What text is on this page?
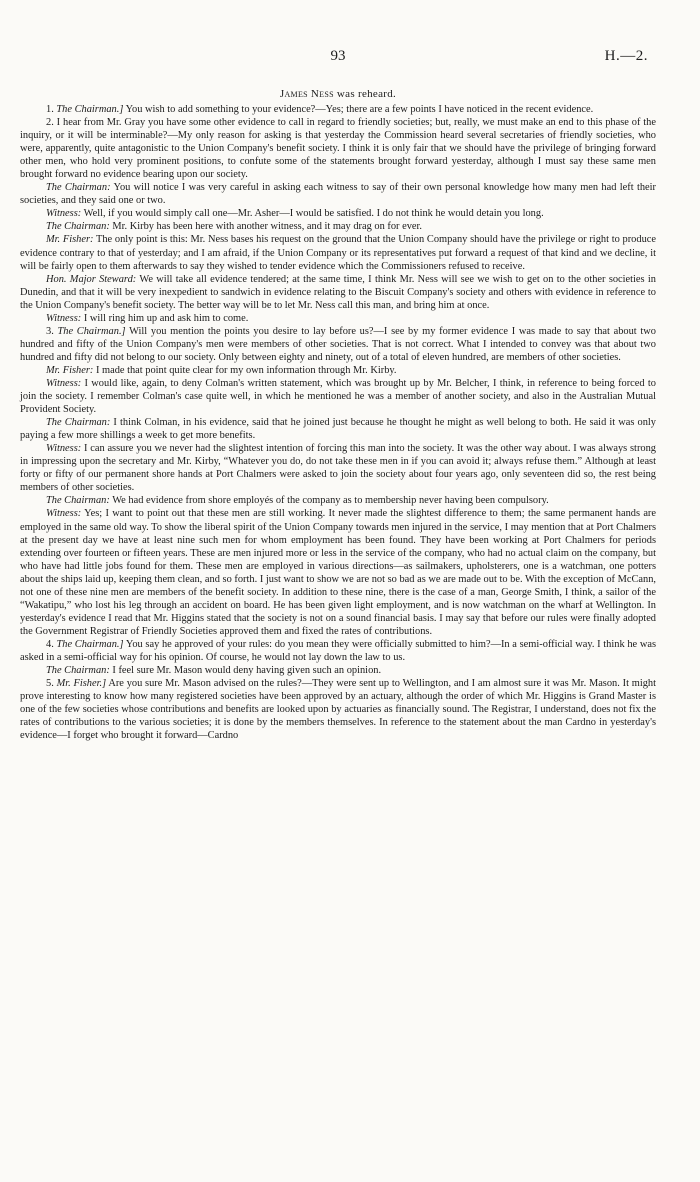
93	H.—2.
James Ness was reheard.

1. The Chairman.] You wish to add something to your evidence?—Yes; there are a few points I have noticed in the recent evidence.

2. I hear from Mr. Gray you have some other evidence to call in regard to friendly societies; but, really, we must make an end to this phase of the inquiry, or it will be interminable?—My only reason for asking is that yesterday the Commission heard several secretaries of friendly societies, who were, apparently, quite antagonistic to the Union Company's benefit society. I think it is only fair that we should have the privilege of bringing forward other men, who hold very prominent positions, to confute some of the statements brought forward yesterday, although I must say these same men brought forward no evidence bearing upon our society.

The Chairman: You will notice I was very careful in asking each witness to say of their own personal knowledge how many men had left their societies, and they said one or two.

Witness: Well, if you would simply call one—Mr. Asher—I would be satisfied. I do not think he would detain you long.

The Chairman: Mr. Kirby has been here with another witness, and it may drag on for ever.

Mr. Fisher: The only point is this: Mr. Ness bases his request on the ground that the Union Company should have the privilege or right to produce evidence contrary to that of yesterday; and I am afraid, if the Union Company or its representatives put forward a request of that kind and we decline, it will be fairly open to them afterwards to say they wished to tender evidence which the Commissioners refused to receive.

Hon. Major Steward: We will take all evidence tendered; at the same time, I think Mr. Ness will see we wish to get on to the other societies in Dunedin, and that it will be very inexpedient to sandwich in evidence relating to the Biscuit Company's society and others with evidence in reference to the Union Company's benefit society. The better way will be to let Mr. Ness call this man, and bring him at once.

Witness: I will ring him up and ask him to come.

3. The Chairman.] Will you mention the points you desire to lay before us?—I see by my former evidence I was made to say that about two hundred and fifty of the Union Company's men were members of other societies. That is not correct. What I intended to convey was that about two hundred and fifty did not belong to our society. Only between eighty and ninety, out of a total of eleven hundred, are members of other societies.

Mr. Fisher: I made that point quite clear for my own information through Mr. Kirby.

Witness: I would like, again, to deny Colman's written statement, which was brought up by Mr. Belcher, I think, in reference to being forced to join the society. I remember Colman's case quite well, in which he mentioned he was a member of another society, and also in the Australian Mutual Provident Society.

The Chairman: I think Colman, in his evidence, said that he joined just because he thought he might as well belong to both. He said it was only paying a few more shillings a week to get more benefits.

Witness: I can assure you we never had the slightest intention of forcing this man into the society. It was the other way about. I was always strong in impressing upon the secretary and Mr. Kirby, “Whatever you do, do not take these men in if you can avoid it; always refuse them.” Although at least forty or fifty of our permanent shore hands at Port Chalmers were asked to join the society about four years ago, only seventeen did so, the rest being members of other societies.

The Chairman: We had evidence from shore employés of the company as to membership never having been compulsory.

Witness: Yes; I want to point out that these men are still working. It never made the slightest difference to them; the same permanent hands are employed in the same old way. To show the liberal spirit of the Union Company towards men injured in the service, I may mention that at Port Chalmers at the present day we have at least nine such men for whom employment has been found. They have been working at Port Chalmers for periods extending over fourteen or fifteen years. These are men injured more or less in the service of the company, who had no actual claim on the company, but who have had little jobs found for them. These men are employed in various directions—as sailmakers, upholsterers, one is a watchman, one potters about the ships laid up, keeping them clean, and so forth. I just want to show we are not so bad as we are made out to be. With the exception of McCann, not one of these nine men are members of the benefit society. In addition to these nine, there is the case of a man, George Smith, I think, a sailor of the “Wakatipu,” who lost his leg through an accident on board. He has been given light employment, and is now watchman on the wharf at Wellington. In yesterday's evidence I read that Mr. Higgins stated that the society is not on a sound financial basis. I may say that before our rules were finally adopted the Government Registrar of Friendly Societies approved them and fixed the rates of contributions.

4. The Chairman.] You say he approved of your rules: do you mean they were officially submitted to him?—In a semi-official way. I think he was asked in a semi-official way for his opinion. Of course, he would not lay down the law to us.

The Chairman: I feel sure Mr. Mason would deny having given such an opinion.

5. Mr. Fisher.] Are you sure Mr. Mason advised on the rules?—They were sent up to Wellington, and I am almost sure it was Mr. Mason. It might prove interesting to know how many registered societies have been approved by an actuary, although the order of which Mr. Higgins is Grand Master is one of the few societies whose contributions and benefits are looked upon by actuaries as financially sound. The Registrar, I understand, does not fix the rates of contributions to the various societies; it is done by the members themselves. In reference to the statement about the man Cardno in yesterday's evidence—I forget who brought it forward—Cardno
